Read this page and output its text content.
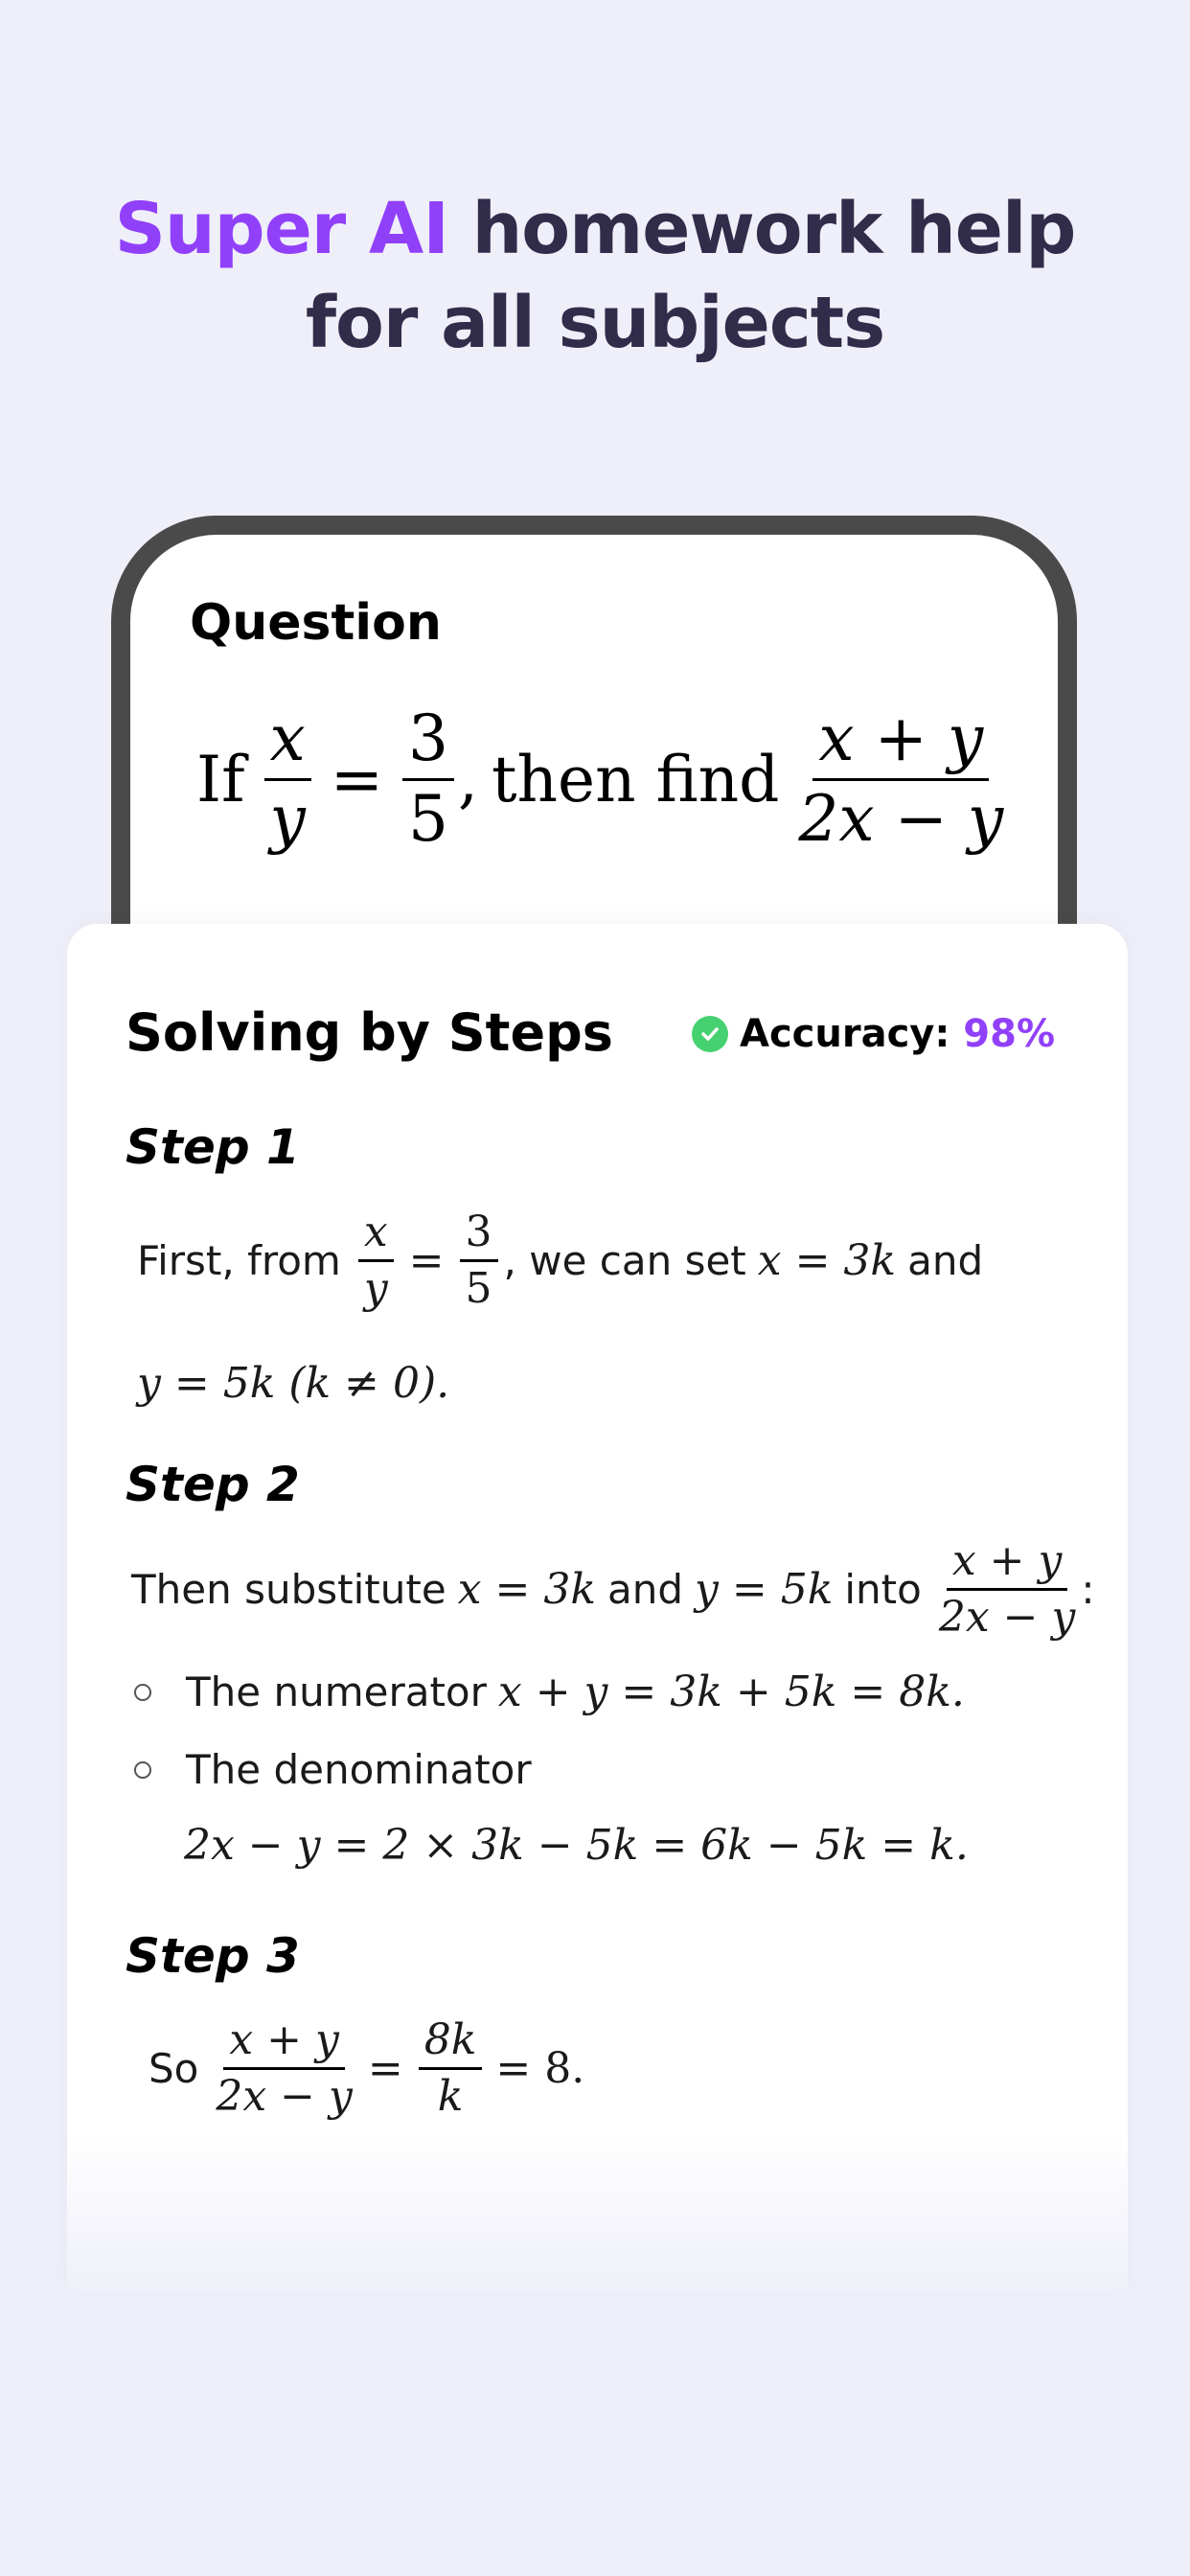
Super AI homework help
for all subjects
Question
If $\frac{x}{y} = \frac{3}{5}$ , then find $\frac{x + y}{2x - y}$
Solving by Steps	Accuracy: 98%
Step 1
First, from $\frac{x}{y} = \frac{3}{5}$ , we can set x = 3k and
y = 5k (k ≠ 0).
Step 2
Then substitute x = 3k and y = 5k into $\frac{x + y}{2x - y}$ :
The numerator x + y = 3k + 5k = 8k.
The denominator
2x − y = 2 × 3k − 5k = 6k − 5k = k.
Step 3
So $\frac{x + y}{2x - y} = \frac{8k}{k} = 8$.
